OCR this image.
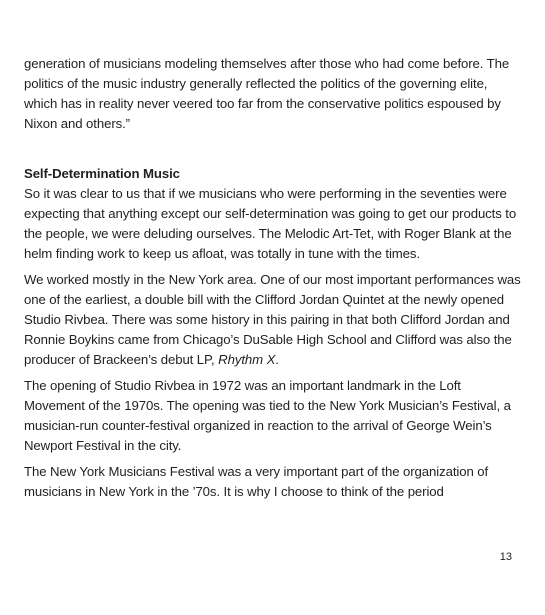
generation of musicians modeling themselves after those who had come before. The politics of the music industry generally reflected the politics of the governing elite, which has in reality never veered too far from the conservative politics espoused by Nixon and others.”

Self-Determination Music

So it was clear to us that if we musicians who were performing in the seventies were expecting that anything except our self-determination was going to get our products to the people, we were deluding ourselves. The Melodic Art-Tet, with Roger Blank at the helm finding work to keep us afloat, was totally in tune with the times.

We worked mostly in the New York area. One of our most important performances was one of the earliest, a double bill with the Clifford Jordan Quintet at the newly opened Studio Rivbea. There was some history in this pairing in that both Clifford Jordan and Ronnie Boykins came from Chicago’s DuSable High School and Clifford was also the producer of Brackeen’s debut LP, Rhythm X.

The opening of Studio Rivbea in 1972 was an important landmark in the Loft Movement of the 1970s. The opening was tied to the New York Musician’s Festival, a musician-run counter-festival organized in reaction to the arrival of George Wein’s Newport Festival in the city.

The New York Musicians Festival was a very important part of the organization of musicians in New York in the ’70s. It is why I choose to think of the period

13
